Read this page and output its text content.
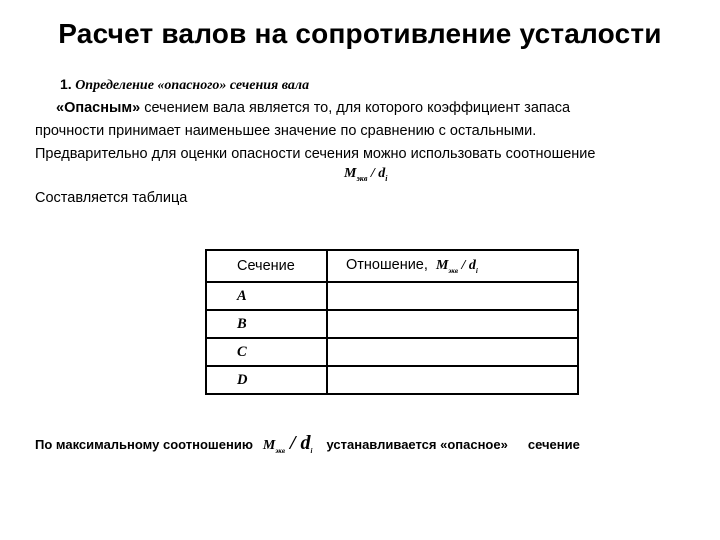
Расчет валов на сопротивление усталости
1. Определение «опасного» сечения вала
«Опасным» сечением вала является то, для которого коэффициент запаса
прочности принимает наименьшее значение по сравнению с остальными.
Предварительно для оценки опасности сечения можно использовать соотношение
$M_{экв} / d_i$
Составляется таблица
Сечение	Отношение, $M_{экв} / d_i$
A	
B	
C	
D	
По максимальному соотношению $M_{экв} / d_i$ устанавливается «опасное» сечение
